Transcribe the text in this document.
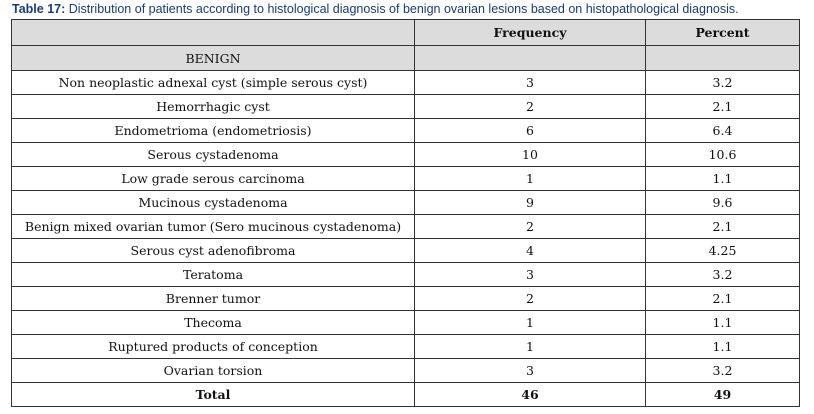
Table 17: Distribution of patients according to histological diagnosis of benign ovarian lesions based on histopathological diagnosis.
	Frequency	Percent
BENIGN		
Non neoplastic adnexal cyst (simple serous cyst)	3	3.2
Hemorrhagic cyst	2	2.1
Endometrioma (endometriosis)	6	6.4
Serous cystadenoma	10	10.6
Low grade serous carcinoma	1	1.1
Mucinous cystadenoma	9	9.6
Benign mixed ovarian tumor (Sero mucinous cystadenoma)	2	2.1
Serous cyst adenofibroma	4	4.25
Teratoma	3	3.2
Brenner tumor	2	2.1
Thecoma	1	1.1
Ruptured products of conception	1	1.1
Ovarian torsion	3	3.2
Total	46	49
